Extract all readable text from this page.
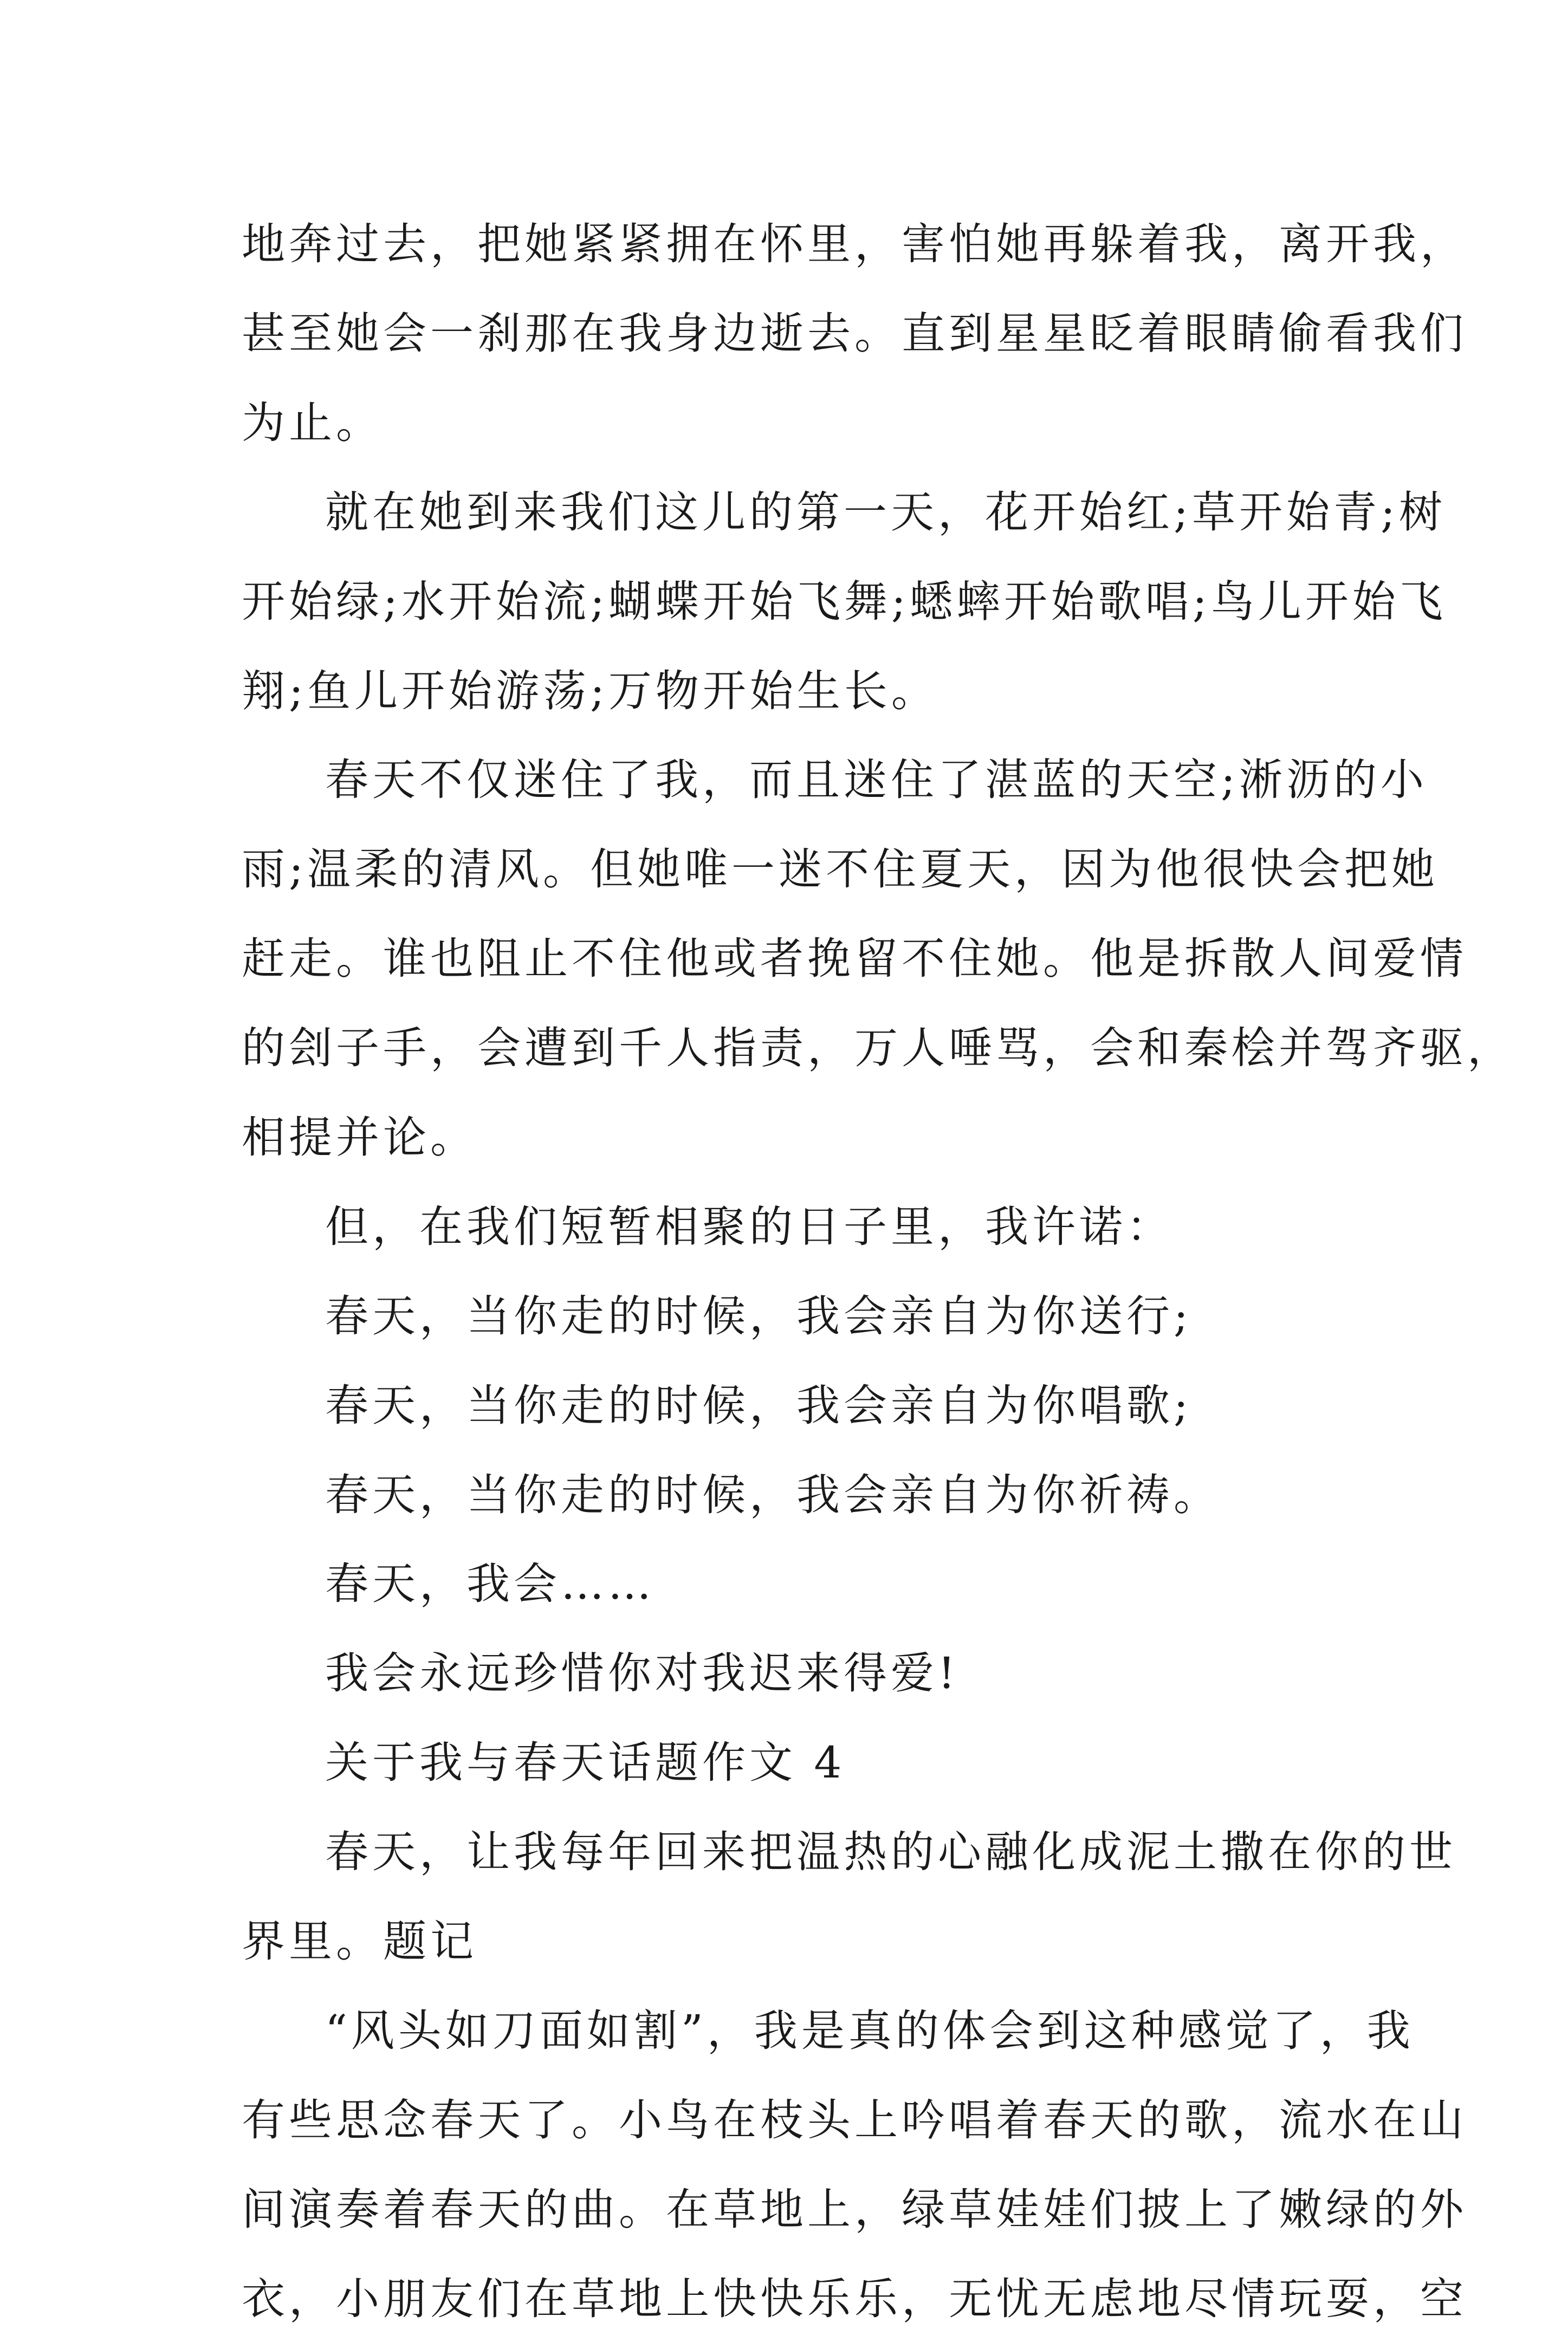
地奔过去，把她紧紧拥在怀里，害怕她再躲着我，离开我，

甚至她会一刹那在我身边逝去。直到星星眨着眼睛偷看我们

为止。

就在她到来我们这儿的第一天，花开始红;草开始青;树

开始绿;水开始流;蝴蝶开始飞舞;蟋蟀开始歌唱;鸟儿开始飞

翔;鱼儿开始游荡;万物开始生长。

春天不仅迷住了我，而且迷住了湛蓝的天空;淅沥的小

雨;温柔的清风。但她唯一迷不住夏天，因为他很快会把她

赶走。谁也阻止不住他或者挽留不住她。他是拆散人间爱情

的刽子手，会遭到千人指责，万人唾骂，会和秦桧并驾齐驱，

相提并论。

但，在我们短暂相聚的日子里，我许诺：

春天，当你走的时候，我会亲自为你送行;

春天，当你走的时候，我会亲自为你唱歌;

春天，当你走的时候，我会亲自为你祈祷。

春天，我会……

我会永远珍惜你对我迟来得爱!

关于我与春天话题作文 4

春天，让我每年回来把温热的心融化成泥土撒在你的世

界里。题记

“风头如刀面如割”，我是真的体会到这种感觉了，我

有些思念春天了。小鸟在枝头上吟唱着春天的歌，流水在山

间演奏着春天的曲。在草地上，绿草娃娃们披上了嫩绿的外

衣，小朋友们在草地上快快乐乐，无忧无虑地尽情玩耍，空
